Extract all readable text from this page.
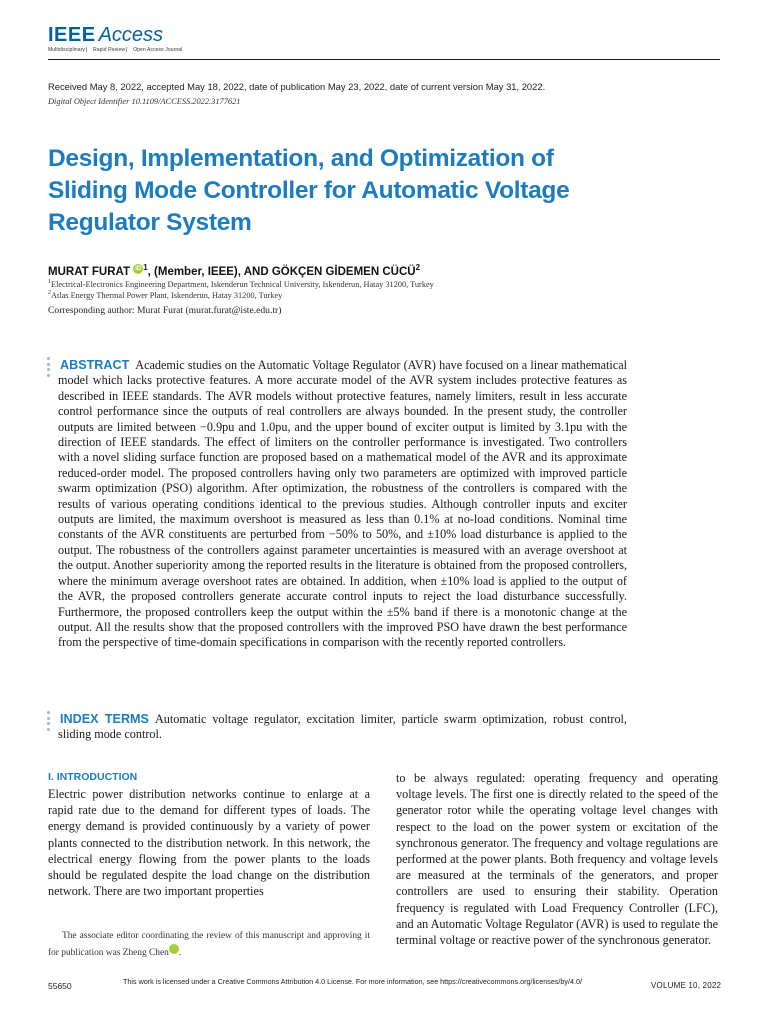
IEEE Access
Multidisciplinary ⎸ Rapid Review ⎸ Open Access Journal
Received May 8, 2022, accepted May 18, 2022, date of publication May 23, 2022, date of current version May 31, 2022.
Digital Object Identifier 10.1109/ACCESS.2022.3177621
Design, Implementation, and Optimization of Sliding Mode Controller for Automatic Voltage Regulator System
MURAT FURAT iD $^1$, (Member, IEEE), AND GÖKÇEN GİDEMEN CÜCÜ$^2$
$^1$Electrical-Electronics Engineering Department, Iskenderun Technical University, Iskenderun, Hatay 31200, Turkey
$^2$Atlas Energy Thermal Power Plant, Iskenderun, Hatay 31200, Turkey
Corresponding author: Murat Furat (murat.furat@iste.edu.tr)
ABSTRACT Academic studies on the Automatic Voltage Regulator (AVR) have focused on a linear mathematical model which lacks protective features. A more accurate model of the AVR system includes protective features as described in IEEE standards. The AVR models without protective features, namely limiters, result in less accurate control performance since the outputs of real controllers are always bounded. In the present study, the controller outputs are limited between −0.9pu and 1.0pu, and the upper bound of exciter output is limited by 3.1pu with the direction of IEEE standards. The effect of limiters on the controller performance is investigated. Two controllers with a novel sliding surface function are proposed based on a mathematical model of the AVR and its approximate reduced-order model. The proposed controllers having only two parameters are optimized with improved particle swarm optimization (PSO) algorithm. After optimization, the robustness of the controllers is compared with the results of various operating conditions identical to the previous studies. Although controller inputs and exciter outputs are limited, the maximum overshoot is measured as less than 0.1% at no-load conditions. Nominal time constants of the AVR constituents are perturbed from −50% to 50%, and ±10% load disturbance is applied to the output. The robustness of the controllers against parameter uncertainties is measured with an average overshoot at the output. Another superiority among the reported results in the literature is obtained from the proposed controllers, where the minimum average overshoot rates are obtained. In addition, when ±10% load is applied to the output of the AVR, the proposed controllers generate accurate control inputs to reject the load disturbance successfully. Furthermore, the proposed controllers keep the output within the ±5% band if there is a monotonic change at the output. All the results show that the proposed controllers with the improved PSO have drawn the best performance from the perspective of time-domain specifications in comparison with the recently reported controllers.
INDEX TERMS Automatic voltage regulator, excitation limiter, particle swarm optimization, robust control, sliding mode control.
I. INTRODUCTION
Electric power distribution networks continue to enlarge at a rapid rate due to the demand for different types of loads. The energy demand is provided continuously by a variety of power plants connected to the distribution network. In this network, the electrical energy flowing from the power plants to the loads should be regulated despite the load change on the distribution network. There are two important properties
to be always regulated: operating frequency and operating voltage levels. The first one is directly related to the speed of the generator rotor while the operating voltage level changes with respect to the load on the power system or excitation of the synchronous generator. The frequency and voltage regulations are performed at the power plants. Both frequency and voltage levels are measured at the terminals of the generators, and proper controllers are used to ensuring their stability. Operation frequency is regulated with Load Frequency Controller (LFC), and an Automatic Voltage Regulator (AVR) is used to regulate the terminal voltage or reactive power of the synchronous generator.

The associate editor coordinating the review of this manuscript and approving it for publication was Zheng Chen iD.

55650	This work is licensed under a Creative Commons Attribution 4.0 License. For more information, see https://creativecommons.org/licenses/by/4.0/	VOLUME 10, 2022
